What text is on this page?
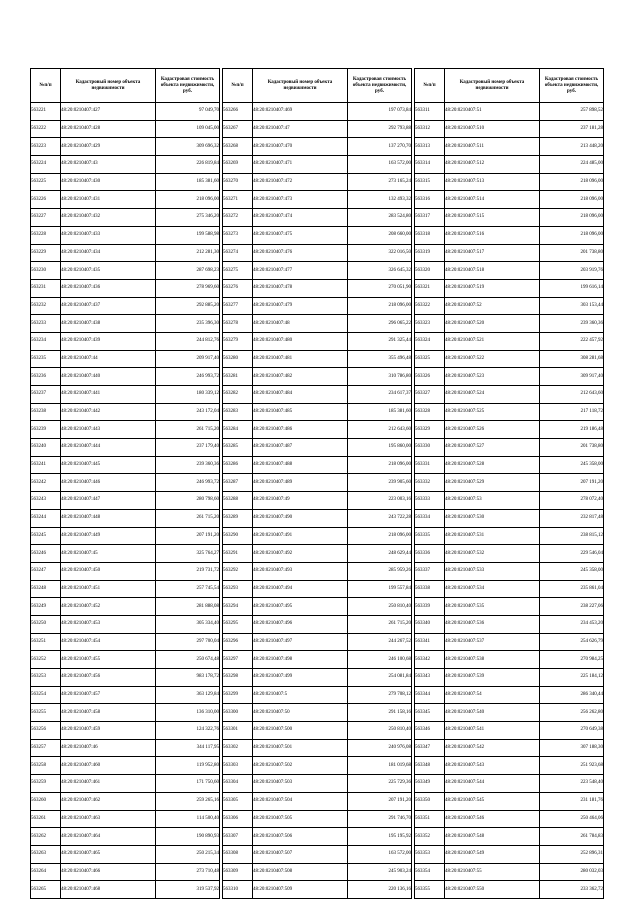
№п/п	Кадастровый номер объекта недвижимости	Кадастровая стоимость объекта недвижимости, руб.
563221	48:20:0210407:427	97 049,70
563222	48:20:0210407:428	109 045,00
563223	48:20:0210407:429	309 696,32
563224	48:20:0210407:43	226 819,84
563225	48:20:0210407:430	185 381,60
563226	48:20:0210407:431	218 096,00
563227	48:20:0210407:432	275 346,20
563228	48:20:0210407:433	199 588,98
563229	48:20:0210407:434	212 281,30
563230	48:20:0210407:435	287 698,23
563231	48:20:0210407:436	278 969,60
563232	48:20:0210407:437	292 885,20
563233	48:20:0210407:438	235 396,30
563234	48:20:0210407:439	244 812,76
563235	48:20:0210407:44	209 917,40
563236	48:20:0210407:440	246 993,72
563237	48:20:0210407:441	180 339,12
563238	48:20:0210407:442	243 172,04
563239	48:20:0210407:443	261 715,20
563240	48:20:0210407:444	237 179,40
563241	48:20:0210407:445	239 360,36
563242	48:20:0210407:446	246 993,72
563243	48:20:0210407:447	280 798,60
563244	48:20:0210407:448	261 715,20
563245	48:20:0210407:449	207 191,20
563246	48:20:0210407:45	325 764,27
563247	48:20:0210407:450	219 731,72
563248	48:20:0210407:451	257 745,54
563249	48:20:0210407:452	281 888,08
563250	48:20:0210407:453	305 334,40
563251	48:20:0210407:454	297 700,04
563252	48:20:0210407:455	250 674,48
563253	48:20:0210407:456	983 178,72
563254	48:20:0210407:457	363 129,84
563255	48:20:0210407:458	136 310,00
563256	48:20:0210407:459	124 322,76
563257	48:20:0210407:46	344 117,95
563258	48:20:0210407:460	119 952,80
563259	48:20:0210407:461	171 750,60
563260	48:20:0210407:462	259 265,16
563261	48:20:0210407:463	114 500,40
563262	48:20:0210407:464	190 890,93
563263	48:20:0210407:465	250 215,34
563264	48:20:0210407:466	273 710,48
563265	48:20:0210407:468	319 537,92
№п/п	Кадастровый номер объекта недвижимости	Кадастровая стоимость объекта недвижимости, руб.
563266	48:20:0210407:469	197 073,84
563267	48:20:0210407:47	292 793,88
563268	48:20:0210407:470	137 270,70
563269	48:20:0210407:471	163 572,00
563270	48:20:0210407:472	273 165,24
563271	48:20:0210407:473	132 493,32
563272	48:20:0210407:474	283 524,80
563273	48:20:0210407:475	208 660,00
563274	48:20:0210407:476	322 016,50
563275	48:20:0210407:477	326 645,32
563276	48:20:0210407:478	270 051,90
563277	48:20:0210407:479	218 096,00
563278	48:20:0210407:48	296 065,22
563279	48:20:0210407:480	291 325,44
563280	48:20:0210407:481	355 496,48
563281	48:20:0210407:482	310 786,80
563282	48:20:0210407:484	234 617,37
563283	48:20:0210407:485	185 381,60
563284	48:20:0210407:486	212 643,60
563285	48:20:0210407:487	195 860,00
563286	48:20:0210407:488	218 096,00
563287	48:20:0210407:489	239 905,60
563288	48:20:0210407:49	223 003,16
563289	48:20:0210407:490	243 722,28
563290	48:20:0210407:491	218 096,00
563291	48:20:0210407:492	248 629,44
563292	48:20:0210407:493	285 959,26
563293	48:20:0210407:494	199 557,84
563294	48:20:0210407:495	250 810,40
563295	48:20:0210407:496	261 715,20
563296	48:20:0210407:497	244 267,52
563297	48:20:0210407:498	246 100,68
563298	48:20:0210407:499	254 081,84
563299	48:20:0210407:5	279 708,12
563300	48:20:0210407:50	291 158,16
563301	48:20:0210407:500	250 810,40
563302	48:20:0210407:501	240 976,08
563303	48:20:0210407:502	181 019,68
563304	48:20:0210407:503	225 729,36
563305	48:20:0210407:504	207 191,20
563306	48:20:0210407:505	291 746,70
563307	48:20:0210407:506	195 195,92
563308	48:20:0210407:507	163 572,00
563309	48:20:0210407:508	245 903,24
563310	48:20:0210407:509	220 136,16
№п/п	Кадастровый номер объекта недвижимости	Кадастровая стоимость объекта недвижимости, руб.
563311	48:20:0210407:51	257 898,52
563312	48:20:0210407:510	237 181,28
563313	48:20:0210407:511	213 448,20
563314	48:20:0210407:512	224 485,00
563315	48:20:0210407:513	218 096,00
563316	48:20:0210407:514	218 096,00
563317	48:20:0210407:515	218 096,00
563318	48:20:0210407:516	218 096,00
563319	48:20:0210407:517	201 738,80
563320	48:20:0210407:518	203 919,76
563321	48:20:0210407:519	199 616,14
563322	48:20:0210407:52	303 153,44
563323	48:20:0210407:520	239 360,36
563324	48:20:0210407:521	222 457,92
563325	48:20:0210407:522	308 281,68
563326	48:20:0210407:523	309 917,40
563327	48:20:0210407:524	212 643,60
563328	48:20:0210407:525	217 118,72
563329	48:20:0210407:526	219 186,48
563330	48:20:0210407:527	201 738,80
563331	48:20:0210407:528	245 358,00
563332	48:20:0210407:529	207 191,20
563333	48:20:0210407:53	278 072,40
563334	48:20:0210407:530	232 817,48
563335	48:20:0210407:531	238 815,12
563336	48:20:0210407:532	229 546,04
563337	48:20:0210407:533	245 358,00
563338	48:20:0210407:534	235 861,04
563339	48:20:0210407:535	238 227,06
563340	48:20:0210407:536	234 453,20
563341	48:20:0210407:537	254 626,79
563342	48:20:0210407:538	270 984,25
563343	48:20:0210407:539	225 184,12
563344	48:20:0210407:54	286 340,44
563345	48:20:0210407:540	256 262,80
563346	48:20:0210407:541	270 649,38
563347	48:20:0210407:542	307 188,30
563348	48:20:0210407:543	251 923,68
563349	48:20:0210407:544	223 548,40
563350	48:20:0210407:545	231 181,76
563351	48:20:0210407:546	250 464,06
563352	48:20:0210407:548	261 784,83
563353	48:20:0210407:549	252 896,31
563354	48:20:0210407:55	280 032,03
563355	48:20:0210407:550	233 362,72
